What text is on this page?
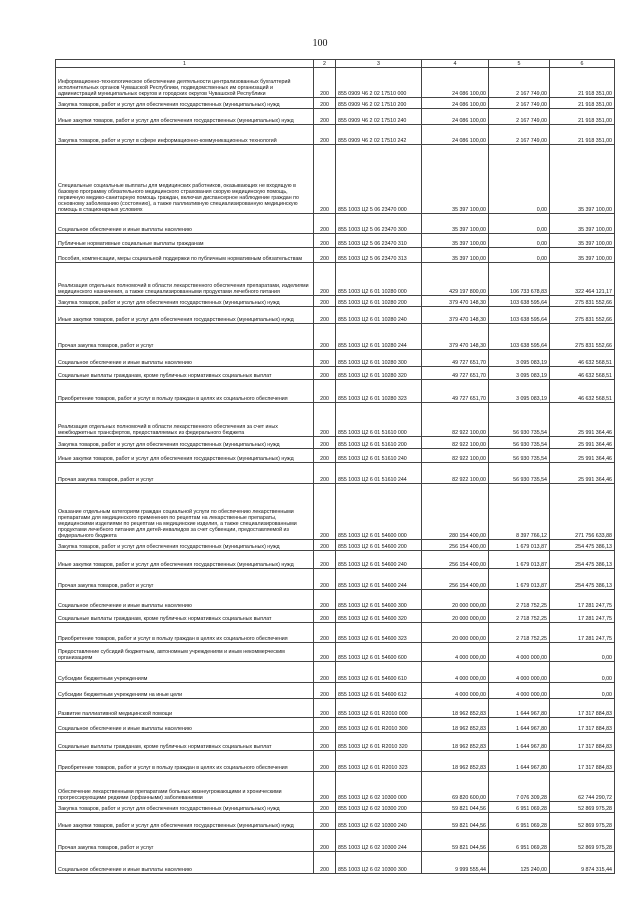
100
1	2	3	4	5	6
Информационно-технологическое обеспечение деятельности централизованных бухгалтерий исполнительных органов Чувашской Республики, подведомственных им организаций и администраций муниципальных округов и городских округов Чувашской Республики	200	855 0909 Ч6 2 02 17510 000	24 086 100,00	2 167 749,00	21 918 351,00
Закупка товаров, работ и услуг для обеспечения государственных (муниципальных) нужд	200	855 0909 Ч6 2 02 17510 200	24 086 100,00	2 167 749,00	21 918 351,00
Иные закупки товаров, работ и услуг для обеспечения государственных (муниципальных) нужд	200	855 0909 Ч6 2 02 17510 240	24 086 100,00	2 167 749,00	21 918 351,00
Закупка товаров, работ и услуг в сфере информационно-коммуникационных технологий	200	855 0909 Ч6 2 02 17510 242	24 086 100,00	2 167 749,00	21 918 351,00
Специальные социальные выплаты для медицинских работников, оказывающих не входящую в базовую программу обязательного медицинского страхования скорую медицинскую помощь, первичную медико-санитарную помощь граждан, включая диспансерное наблюдение граждан по основному заболеванию (состоянию), а также паллиативную специализированную медицинскую помощь в стационарных условиях	200	855 1003 Ц2 5 06 23470 000	35 397 100,00	0,00	35 397 100,00
Социальное обеспечение и иные выплаты населению	200	855 1003 Ц2 5 06 23470 300	35 397 100,00	0,00	35 397 100,00
Публичные нормативные социальные выплаты гражданам	200	855 1003 Ц2 5 06 23470 310	35 397 100,00	0,00	35 397 100,00
Пособия, компенсации, меры социальной поддержки по публичным нормативным обязательствам	200	855 1003 Ц2 5 06 23470 313	35 397 100,00	0,00	35 397 100,00
Реализация отдельных полномочий в области лекарственного обеспечения препаратами, изделиями медицинского назначения, а также специализированными продуктами лечебного питания	200	855 1003 Ц2 6 01 10280 000	429 197 800,00	106 733 678,83	322 464 121,17
Закупка товаров, работ и услуг для обеспечения государственных (муниципальных) нужд	200	855 1003 Ц2 6 01 10280 200	379 470 148,30	103 638 595,64	275 831 552,66
Иные закупки товаров, работ и услуг для обеспечения государственных (муниципальных) нужд	200	855 1003 Ц2 6 01 10280 240	379 470 148,30	103 638 595,64	275 831 552,66
Прочая закупка товаров, работ и услуг	200	855 1003 Ц2 6 01 10280 244	379 470 148,30	103 638 595,64	275 831 552,66
Социальное обеспечение и иные выплаты населению	200	855 1003 Ц2 6 01 10280 300	49 727 651,70	3 095 083,19	46 632 568,51
Социальные выплаты гражданам, кроме публичных нормативных социальных выплат	200	855 1003 Ц2 6 01 10280 320	49 727 651,70	3 095 083,19	46 632 568,51
Приобретение товаров, работ и услуг в пользу граждан в целях их социального обеспечения	200	855 1003 Ц2 6 01 10280 323	49 727 651,70	3 095 083,19	46 632 568,51
Реализация отдельных полномочий в области лекарственного обеспечения за счет иных межбюджетных трансфертов, предоставляемых из федерального бюджета	200	855 1003 Ц2 6 01 51610 000	82 922 100,00	56 930 735,54	25 991 364,46
Закупка товаров, работ и услуг для обеспечения государственных (муниципальных) нужд	200	855 1003 Ц2 6 01 51610 200	82 922 100,00	56 930 735,54	25 991 364,46
Иные закупки товаров, работ и услуг для обеспечения государственных (муниципальных) нужд	200	855 1003 Ц2 6 01 51610 240	82 922 100,00	56 930 735,54	25 991 364,46
Прочая закупка товаров, работ и услуг	200	855 1003 Ц2 6 01 51610 244	82 922 100,00	56 930 735,54	25 991 364,46
Оказание отдельным категориям граждан социальной услуги по обеспечению лекарственными препаратами для медицинского применения по рецептам на лекарственные препараты, медицинскими изделиями по рецептам на медицинские изделия, а также специализированными продуктами лечебного питания для детей-инвалидов за счет субвенции, предоставляемой из федерального бюджета	200	855 1003 Ц2 6 01 54600 000	280 154 400,00	8 397 766,12	271 756 633,88
Закупка товаров, работ и услуг для обеспечения государственных (муниципальных) нужд	200	855 1003 Ц2 6 01 54600 200	256 154 400,00	1 679 013,87	254 475 386,13
Иные закупки товаров, работ и услуг для обеспечения государственных (муниципальных) нужд	200	855 1003 Ц2 6 01 54600 240	256 154 400,00	1 679 013,87	254 475 386,13
Прочая закупка товаров, работ и услуг	200	855 1003 Ц2 6 01 54600 244	256 154 400,00	1 679 013,87	254 475 386,13
Социальное обеспечение и иные выплаты населению	200	855 1003 Ц2 6 01 54600 300	20 000 000,00	2 718 752,25	17 281 247,75
Социальные выплаты гражданам, кроме публичных нормативных социальных выплат	200	855 1003 Ц2 6 01 54600 320	20 000 000,00	2 718 752,25	17 281 247,75
Приобретение товаров, работ и услуг в пользу граждан в целях их социального обеспечения	200	855 1003 Ц2 6 01 54600 323	20 000 000,00	2 718 752,25	17 281 247,75
Предоставление субсидий бюджетным, автономным учреждениям и иным некоммерческим организациям	200	855 1003 Ц2 6 01 54600 600	4 000 000,00	4 000 000,00	0,00
Субсидии бюджетным учреждениям	200	855 1003 Ц2 6 01 54600 610	4 000 000,00	4 000 000,00	0,00
Субсидии бюджетным учреждениям на иные цели	200	855 1003 Ц2 6 01 54600 612	4 000 000,00	4 000 000,00	0,00
Развитие паллиативной медицинской помощи	200	855 1003 Ц2 6 01 R2010 000	18 962 852,83	1 644 967,80	17 317 884,83
Социальное обеспечение и иные выплаты населению	200	855 1003 Ц2 6 01 R2010 300	18 962 852,83	1 644 967,80	17 317 884,83
Социальные выплаты гражданам, кроме публичных нормативных социальных выплат	200	855 1003 Ц2 6 01 R2010 320	18 962 852,83	1 644 967,80	17 317 884,83
Приобретение товаров, работ и услуг в пользу граждан в целях их социального обеспечения	200	855 1003 Ц2 6 01 R2010 323	18 962 852,83	1 644 967,80	17 317 884,83
Обеспечение лекарственными препаратами больных жизнеугрожающими и хроническими прогрессирующими редкими (орфанными) заболеваниями	200	855 1003 Ц2 6 02 10300 000	69 820 600,00	7 076 309,28	62 744 290,72
Закупка товаров, работ и услуг для обеспечения государственных (муниципальных) нужд	200	855 1003 Ц2 6 02 10300 200	59 821 044,56	6 951 069,28	52 869 975,28
Иные закупки товаров, работ и услуг для обеспечения государственных (муниципальных) нужд	200	855 1003 Ц2 6 02 10300 240	59 821 044,56	6 951 069,28	52 869 975,28
Прочая закупка товаров, работ и услуг	200	855 1003 Ц2 6 02 10300 244	59 821 044,56	6 951 069,28	52 869 975,28
Социальное обеспечение и иные выплаты населению	200	855 1003 Ц2 6 02 10300 300	9 999 555,44	125 240,00	9 874 315,44
